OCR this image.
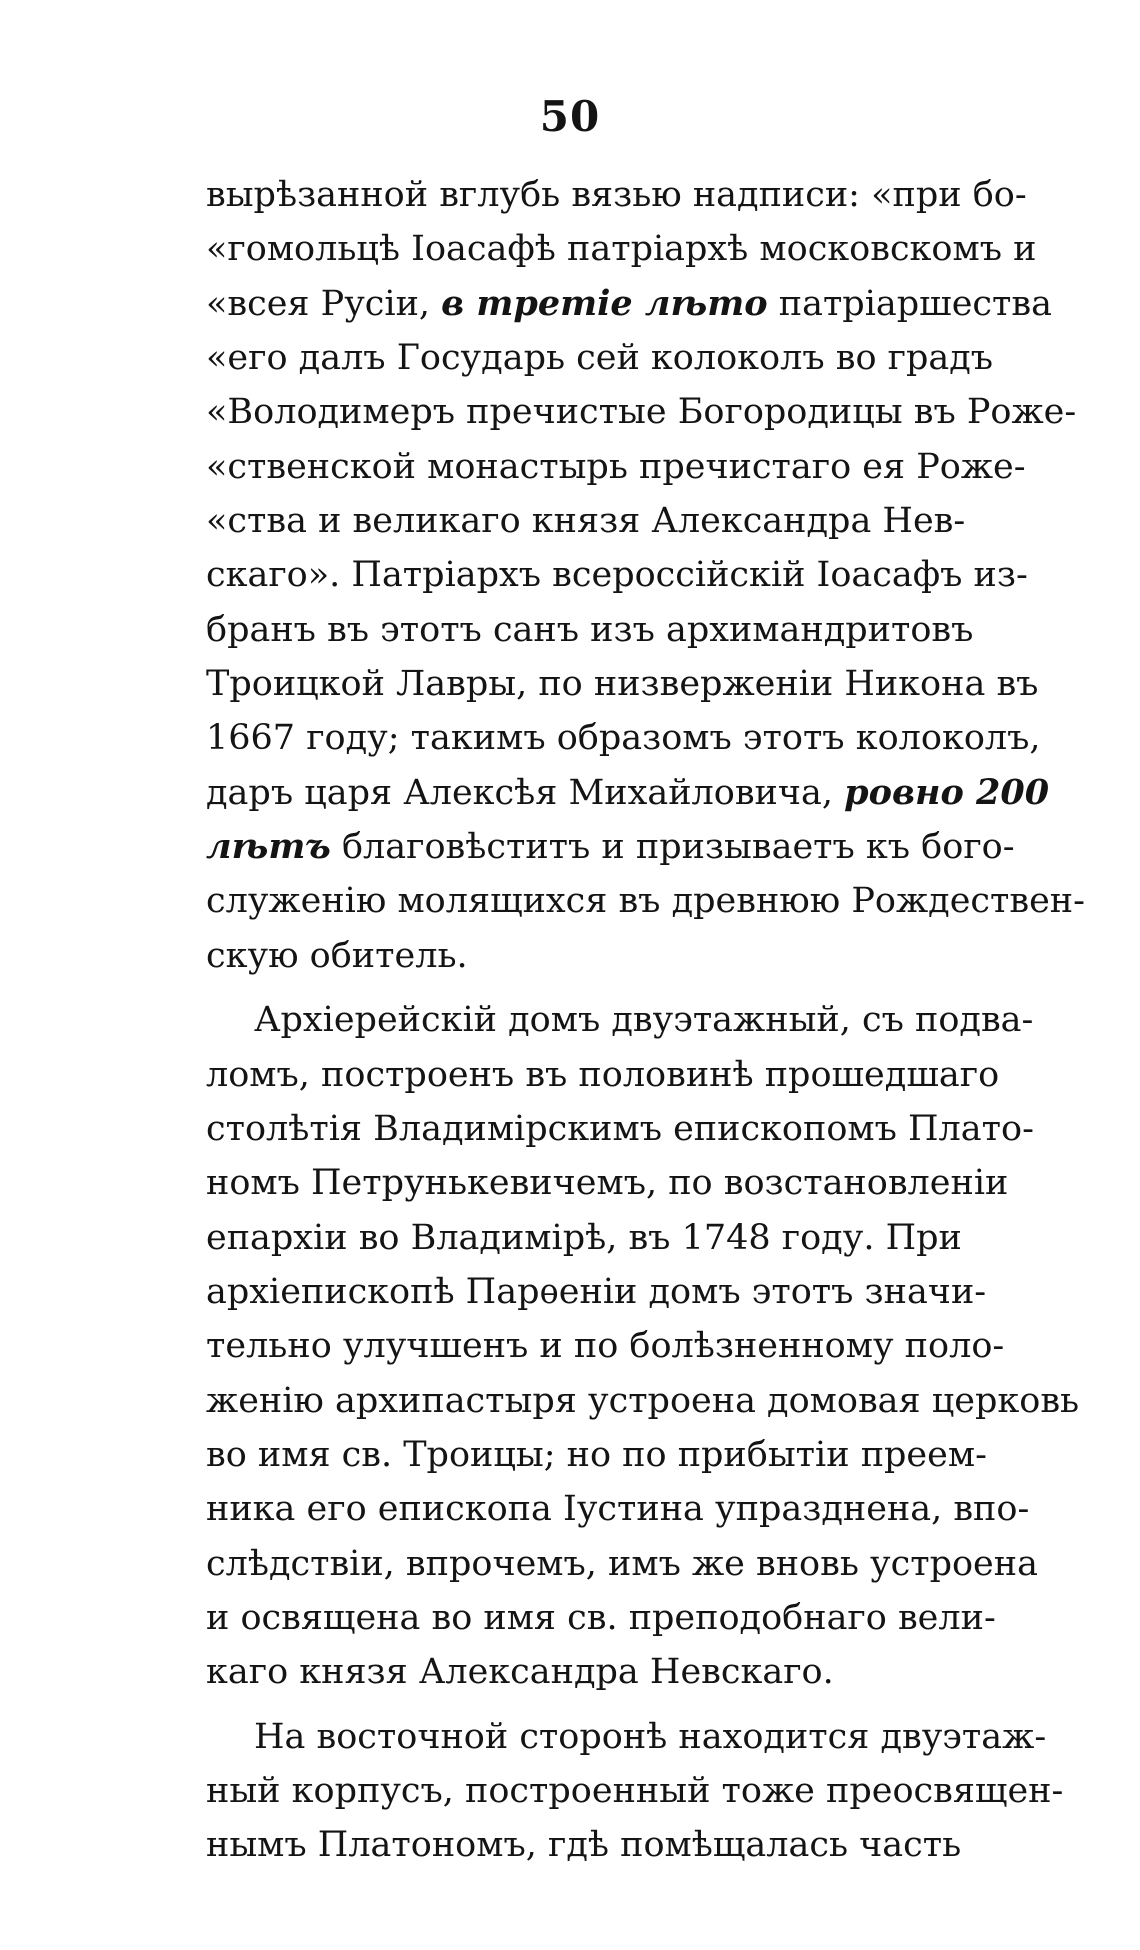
50
вырѣзанной вглубь вязью надписи: «при бо-
«гомольцѣ Іоасафѣ патріархѣ московскомъ и
«всея Русіи, в третіе лѣто патріаршества
«его далъ Государь сей колоколъ во градъ
«Володимеръ пречистые Богородицы въ Роже-
«ственской монастырь пречистаго ея Роже-
«ства и великаго князя Александра Нев-
скаго». Патріархъ всероссійскій Іоасафъ из-
бранъ въ этотъ санъ изъ архимандритовъ
Троицкой Лавры, по низверженіи Никона въ
1667 году; такимъ образомъ этотъ колоколъ,
даръ царя Алексѣя Михайловича, ровно 200
лѣтъ благовѣститъ и призываетъ къ бого-
служенію молящихся въ древнюю Рождествен-
скую обитель.
Архіерейскій домъ двуэтажный, съ подва-
ломъ, построенъ въ половинѣ прошедшаго
столѣтія Владимірскимъ епископомъ Плато-
номъ Петрунькевичемъ, по возстановленіи
епархіи во Владимірѣ, въ 1748 году. При
архіепископѣ Парѳеніи домъ этотъ значи-
тельно улучшенъ и по болѣзненному поло-
женію архипастыря устроена домовая церковь
во имя св. Троицы; но по прибытіи преем-
ника его епископа Іустина упразднена, впо-
слѣдствіи, впрочемъ, имъ же вновь устроена
и освящена во имя св. преподобнаго вели-
каго князя Александра Невскаго.
На восточной сторонѣ находится двуэтаж-
ный корпусъ, построенный тоже преосвящен-
нымъ Платономъ, гдѣ помѣщалась часть
